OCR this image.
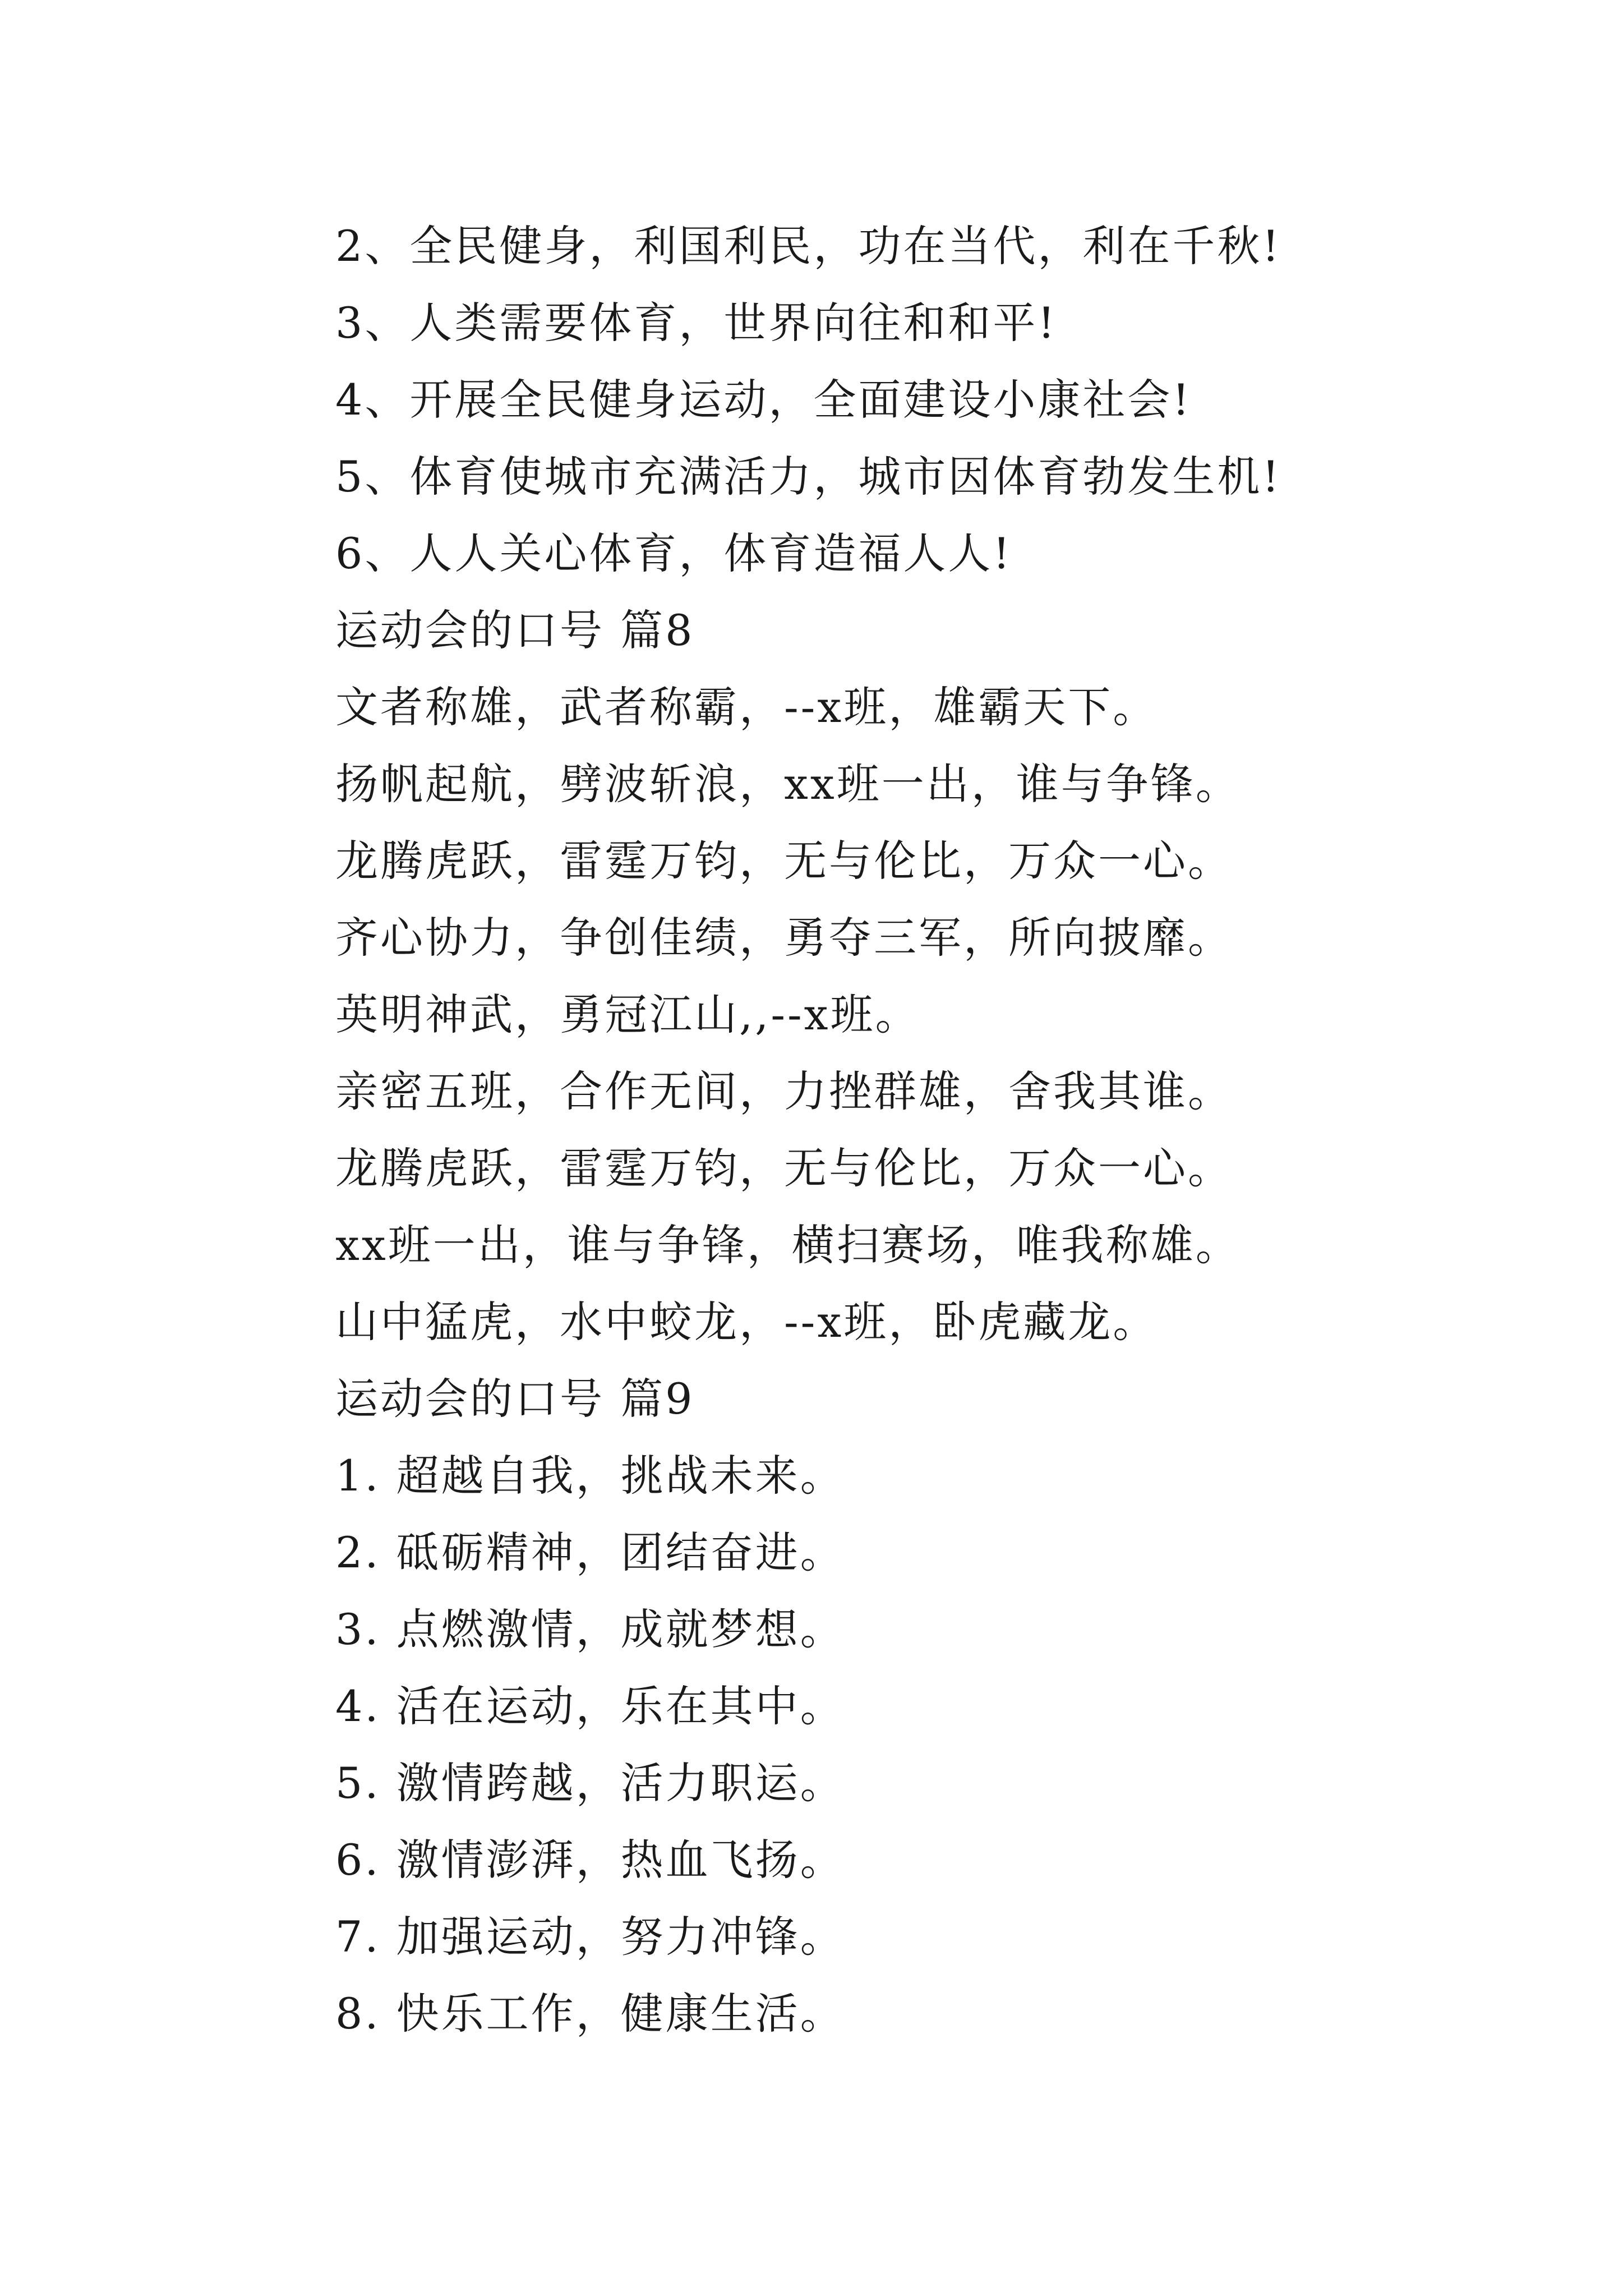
2、全民健身，利国利民，功在当代，利在千秋!
3、人类需要体育，世界向往和和平!
4、开展全民健身运动，全面建设小康社会!
5、体育使城市充满活力，城市因体育勃发生机!
6、人人关心体育，体育造福人人!
运动会的口号 篇8
文者称雄，武者称霸，--x班，雄霸天下。
扬帆起航，劈波斩浪，xx班一出，谁与争锋。
龙腾虎跃，雷霆万钧，无与伦比，万众一心。
齐心协力，争创佳绩，勇夺三军，所向披靡。
英明神武，勇冠江山,,--x班。
亲密五班，合作无间，力挫群雄，舍我其谁。
龙腾虎跃，雷霆万钧，无与伦比，万众一心。
xx班一出，谁与争锋，横扫赛场，唯我称雄。
山中猛虎，水中蛟龙，--x班，卧虎藏龙。
运动会的口号 篇9
1. 超越自我，挑战未来。
2. 砥砺精神，团结奋进。
3. 点燃激情，成就梦想。
4. 活在运动，乐在其中。
5. 激情跨越，活力职运。
6. 激情澎湃，热血飞扬。
7. 加强运动，努力冲锋。
8. 快乐工作，健康生活。
